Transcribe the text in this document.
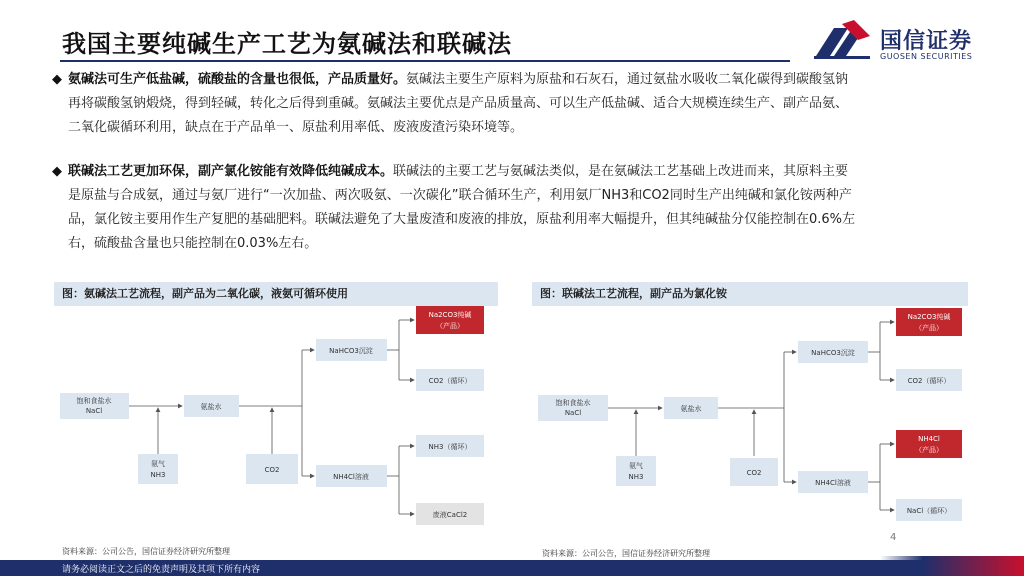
我国主要纯碱生产工艺为氨碱法和联碱法	国信证券
GUOSEN SECURITIES
◆ 氨碱法可生产低盐碱，硫酸盐的含量也很低，产品质量好。氨碱法主要生产原料为原盐和石灰石，通过氨盐水吸收二氧化碳得到碳酸氢钠
再将碳酸氢钠煅烧，得到轻碱，转化之后得到重碱。氨碱法主要优点是产品质量高、可以生产低盐碱、适合大规模连续生产、副产品氨、
二氧化碳循环利用，缺点在于产品单一、原盐利用率低、废液废渣污染环境等。
◆ 联碱法工艺更加环保，副产氯化铵能有效降低纯碱成本。联碱法的主要工艺与氨碱法类似，是在氨碱法工艺基础上改进而来，其原料主要
是原盐与合成氨，通过与氨厂进行“一次加盐、两次吸氨、一次碳化”联合循环生产，利用氨厂NH3和CO2同时生产出纯碱和氯化铵两种产
品，氯化铵主要用作生产复肥的基础肥料。联碱法避免了大量废渣和废液的排放，原盐利用率大幅提升，但其纯碱盐分仅能控制在0.6%左
右，硫酸盐含量也只能控制在0.03%左右。
饱和食盐水
NaCl	氨盐水
氨气
NH3
CO2
NaHCO3沉淀
NH4Cl溶液
Na2CO3纯碱
（产品）
CO2（循环）
NH3（循环）
废液CaCl2
图：氨碱法工艺流程，副产品为二氧化碳，液氨可循环使用
资料来源：公司公告，国信证券经济研究所整理
饱和食盐水
NaCl	氨盐水
氨气
NH3	CO2
NaHCO3沉淀
NH4Cl溶液
Na2CO3纯碱
（产品）
CO2（循环）
NH4Cl
（产品）
NaCl（循环）
图：联碱法工艺流程，副产品为氯化铵
资料来源：公司公告，国信证券经济研究所整理
4
请务必阅读正文之后的免责声明及其项下所有内容
